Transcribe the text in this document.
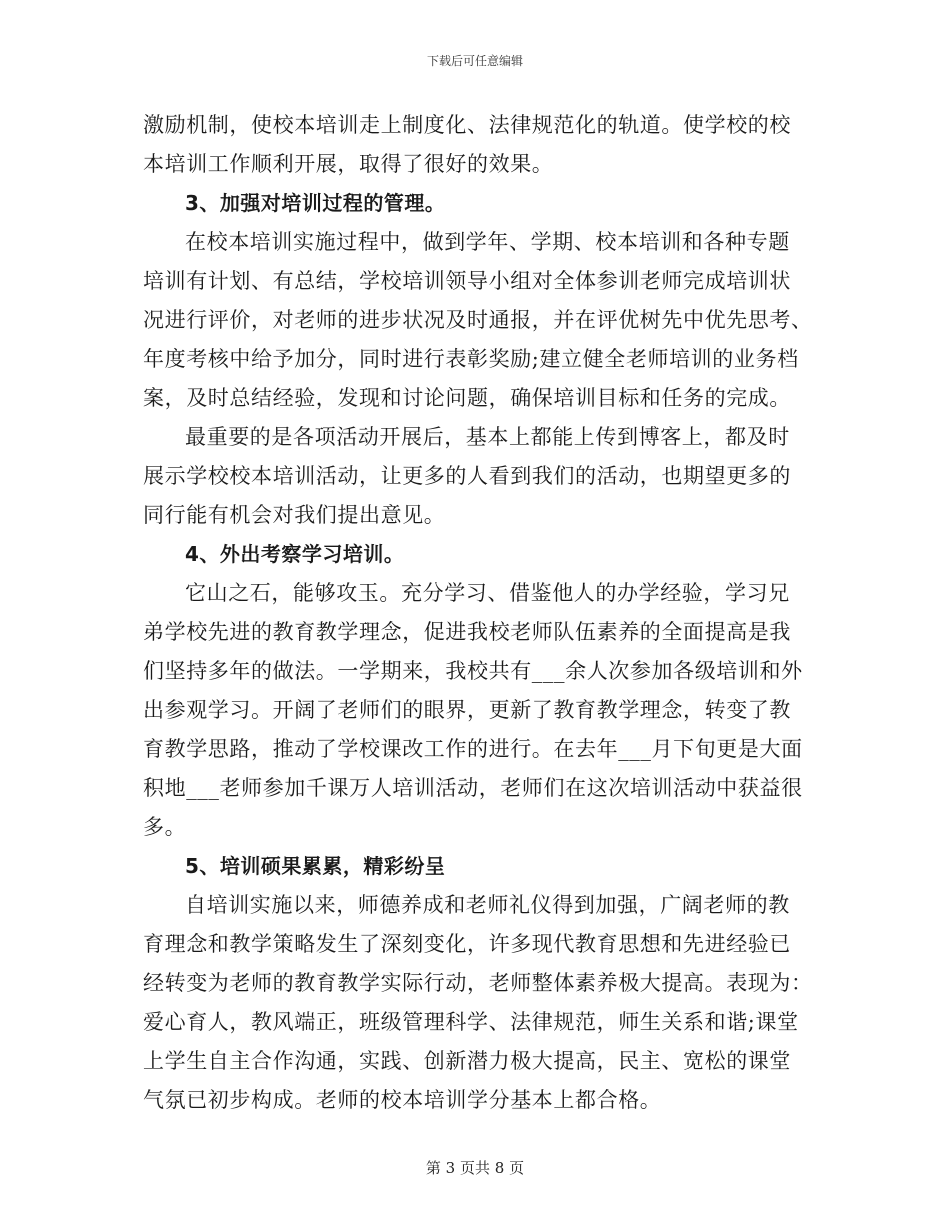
下载后可任意编辑
激励机制，使校本培训走上制度化、法律规范化的轨道。使学校的校
本培训工作顺利开展，取得了很好的效果。
3、加强对培训过程的管理。
在校本培训实施过程中，做到学年、学期、校本培训和各种专题
培训有计划、有总结，学校培训领导小组对全体参训老师完成培训状
况进行评价，对老师的进步状况及时通报，并在评优树先中优先思考、
年度考核中给予加分，同时进行表彰奖励;建立健全老师培训的业务档
案，及时总结经验，发现和讨论问题，确保培训目标和任务的完成。
最重要的是各项活动开展后，基本上都能上传到博客上，都及时
展示学校校本培训活动，让更多的人看到我们的活动，也期望更多的
同行能有机会对我们提出意见。
4、外出考察学习培训。
它山之石，能够攻玉。充分学习、借鉴他人的办学经验，学习兄
弟学校先进的教育教学理念，促进我校老师队伍素养的全面提高是我
们坚持多年的做法。一学期来，我校共有___余人次参加各级培训和外
出参观学习。开阔了老师们的眼界，更新了教育教学理念，转变了教
育教学思路，推动了学校课改工作的进行。在去年___月下旬更是大面
积地___老师参加千课万人培训活动，老师们在这次培训活动中获益很
多。
5、培训硕果累累，精彩纷呈
自培训实施以来，师德养成和老师礼仪得到加强，广阔老师的教
育理念和教学策略发生了深刻变化，许多现代教育思想和先进经验已
经转变为老师的教育教学实际行动，老师整体素养极大提高。表现为：
爱心育人，教风端正，班级管理科学、法律规范，师生关系和谐;课堂
上学生自主合作沟通，实践、创新潜力极大提高，民主、宽松的课堂
气氛已初步构成。老师的校本培训学分基本上都合格。
第 3 页共 8 页
